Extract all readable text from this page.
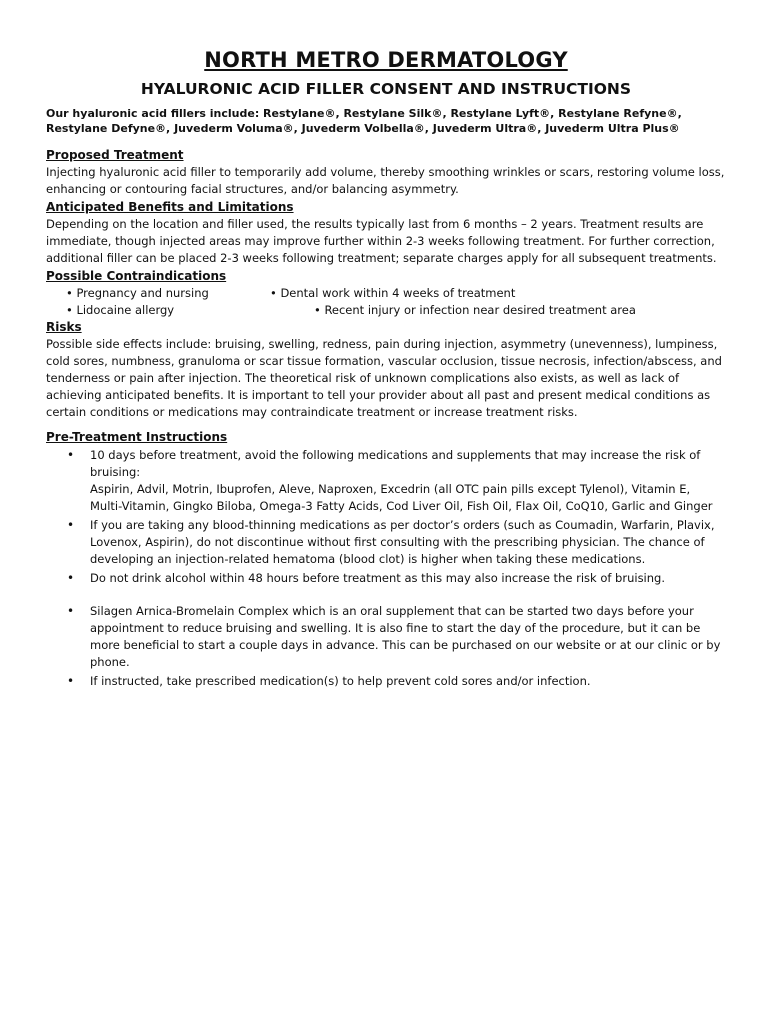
NORTH METRO DERMATOLOGY
HYALURONIC ACID FILLER CONSENT AND INSTRUCTIONS

Our hyaluronic acid fillers include: Restylane®, Restylane Silk®, Restylane Lyft®, Restylane Refyne®, Restylane Defyne®, Juvederm Voluma®, Juvederm Volbella®, Juvederm Ultra®, Juvederm Ultra Plus®

Proposed Treatment

Injecting hyaluronic acid filler to temporarily add volume, thereby smoothing wrinkles or scars, restoring volume loss, enhancing or contouring facial structures, and/or balancing asymmetry.

Anticipated Benefits and Limitations

Depending on the location and filler used, the results typically last from 6 months – 2 years. Treatment results are immediate, though injected areas may improve further within 2-3 weeks following treatment. For further correction, additional filler can be placed 2-3 weeks following treatment; separate charges apply for all subsequent treatments.

Possible Contraindications

• Pregnancy and nursing	• Dental work within 4 weeks of treatment
• Lidocaine allergy	• Recent injury or infection near desired treatment area

Risks

Possible side effects include: bruising, swelling, redness, pain during injection, asymmetry (unevenness), lumpiness, cold sores, numbness, granuloma or scar tissue formation, vascular occlusion, tissue necrosis, infection/abscess, and tenderness or pain after injection. The theoretical risk of unknown complications also exists, as well as lack of achieving anticipated benefits. It is important to tell your provider about all past and present medical conditions as certain conditions or medications may contraindicate treatment or increase treatment risks.

Pre-Treatment Instructions

• 10 days before treatment, avoid the following medications and supplements that may increase the risk of bruising:
Aspirin, Advil, Motrin, Ibuprofen, Aleve, Naproxen, Excedrin (all OTC pain pills except Tylenol), Vitamin E, Multi-Vitamin, Gingko Biloba, Omega-3 Fatty Acids, Cod Liver Oil, Fish Oil, Flax Oil, CoQ10, Garlic and Ginger
• If you are taking any blood-thinning medications as per doctor’s orders (such as Coumadin, Warfarin, Plavix, Lovenox, Aspirin), do not discontinue without first consulting with the prescribing physician. The chance of developing an injection-related hematoma (blood clot) is higher when taking these medications.
• Do not drink alcohol within 48 hours before treatment as this may also increase the risk of bruising.
• Silagen Arnica-Bromelain Complex which is an oral supplement that can be started two days before your appointment to reduce bruising and swelling. It is also fine to start the day of the procedure, but it can be more beneficial to start a couple days in advance. This can be purchased on our website or at our clinic or by phone.
• If instructed, take prescribed medication(s) to help prevent cold sores and/or infection.
